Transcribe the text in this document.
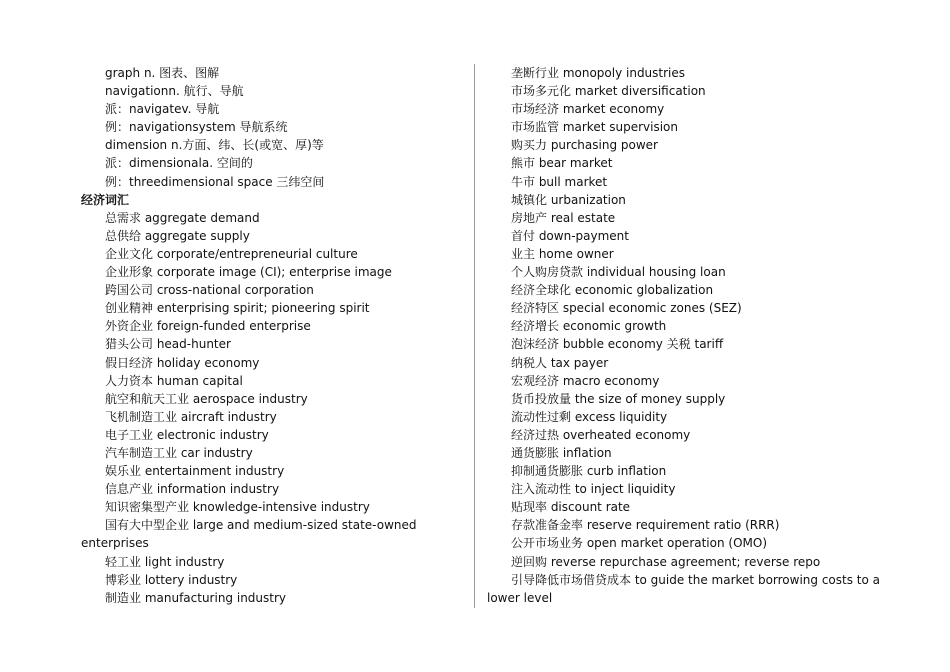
graph n. 图表、图解
navigationn. 航行、导航
派：navigatev. 导航
例：navigationsystem 导航系统
dimension n.方面、纬、长(或宽、厚)等
派：dimensionala. 空间的
例：threedimensional space 三纬空间
经济词汇
总需求 aggregate demand
总供给 aggregate supply
企业文化 corporate/entrepreneurial culture
企业形象 corporate image (CI); enterprise image
跨国公司 cross-national corporation
创业精神 enterprising spirit; pioneering spirit
外资企业 foreign-funded enterprise
猎头公司 head-hunter
假日经济 holiday economy
人力资本 human capital
航空和航天工业 aerospace industry
飞机制造工业 aircraft industry
电子工业 electronic industry
汽车制造工业 car industry
娱乐业 entertainment industry
信息产业 information industry
知识密集型产业 knowledge-intensive industry
国有大中型企业 large and medium-sized state-owned
enterprises
轻工业 light industry
博彩业 lottery industry
制造业 manufacturing industry
垄断行业 monopoly industries
市场多元化 market diversification
市场经济 market economy
市场监管 market supervision
购买力 purchasing power
熊市 bear market
牛市 bull market
城镇化 urbanization
房地产 real estate
首付 down-payment
业主 home owner
个人购房贷款 individual housing loan
经济全球化 economic globalization
经济特区 special economic zones (SEZ)
经济增长 economic growth
泡沫经济 bubble economy 关税 tariff
纳税人 tax payer
宏观经济 macro economy
货币投放量 the size of money supply
流动性过剩 excess liquidity
经济过热 overheated economy
通货膨胀 inflation
抑制通货膨胀 curb inflation
注入流动性 to inject liquidity
贴现率 discount rate
存款准备金率 reserve requirement ratio (RRR)
公开市场业务 open market operation (OMO)
逆回购 reverse repurchase agreement; reverse repo
引导降低市场借贷成本 to guide the market borrowing costs to a
lower level
